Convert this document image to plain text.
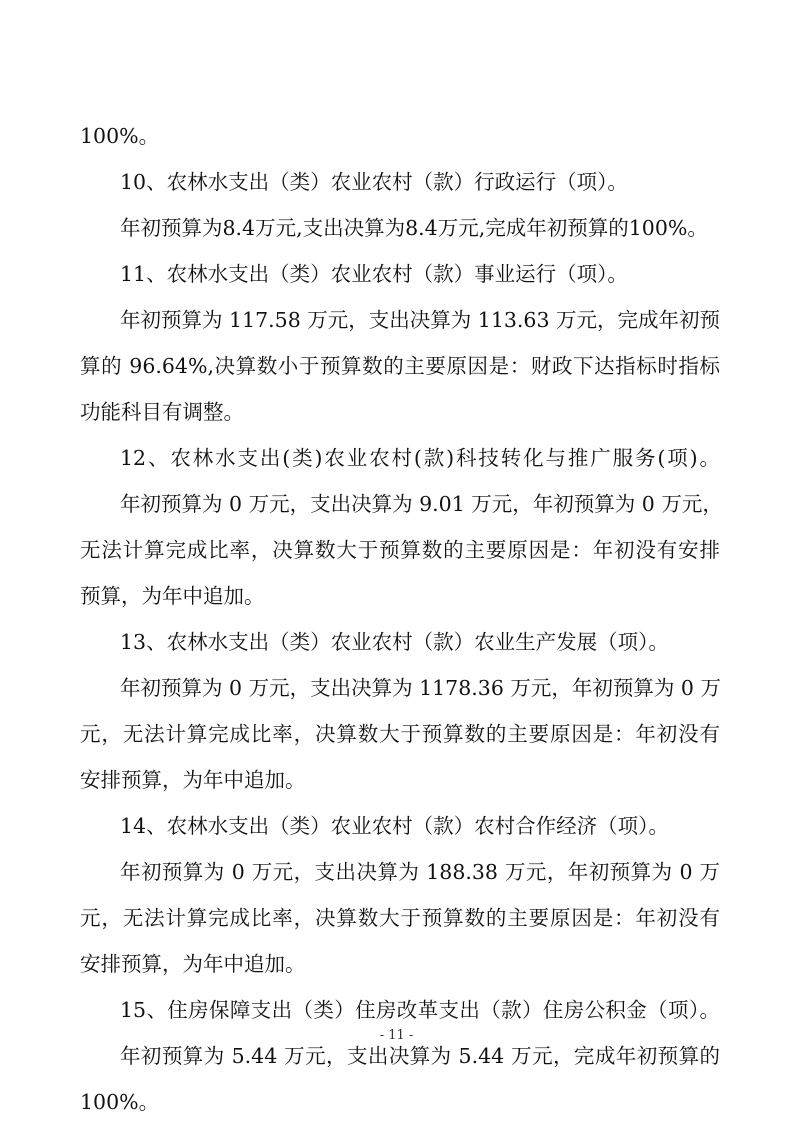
100%。

10、农林水支出（类）农业农村（款）行政运行（项）。

年初预算为8.4万元,支出决算为8.4万元,完成年初预算的100%。

11、农林水支出（类）农业农村（款）事业运行（项）。

年初预算为 117.58 万元，支出决算为 113.63 万元，完成年初预

算的 96.64%,决算数小于预算数的主要原因是：财政下达指标时指标

功能科目有调整。

12、农林水支出(类)农业农村(款)科技转化与推广服务(项)。

年初预算为 0 万元，支出决算为 9.01 万元，年初预算为 0 万元，

无法计算完成比率，决算数大于预算数的主要原因是：年初没有安排

预算，为年中追加。

13、农林水支出（类）农业农村（款）农业生产发展（项）。

年初预算为 0 万元，支出决算为 1178.36 万元，年初预算为 0 万

元，无法计算完成比率，决算数大于预算数的主要原因是：年初没有

安排预算，为年中追加。

14、农林水支出（类）农业农村（款）农村合作经济（项）。

年初预算为 0 万元，支出决算为 188.38 万元，年初预算为 0 万

元，无法计算完成比率，决算数大于预算数的主要原因是：年初没有

安排预算，为年中追加。

15、住房保障支出（类）住房改革支出（款）住房公积金（项）。

年初预算为 5.44 万元，支出决算为 5.44 万元，完成年初预算的

100%。

- 11 -
